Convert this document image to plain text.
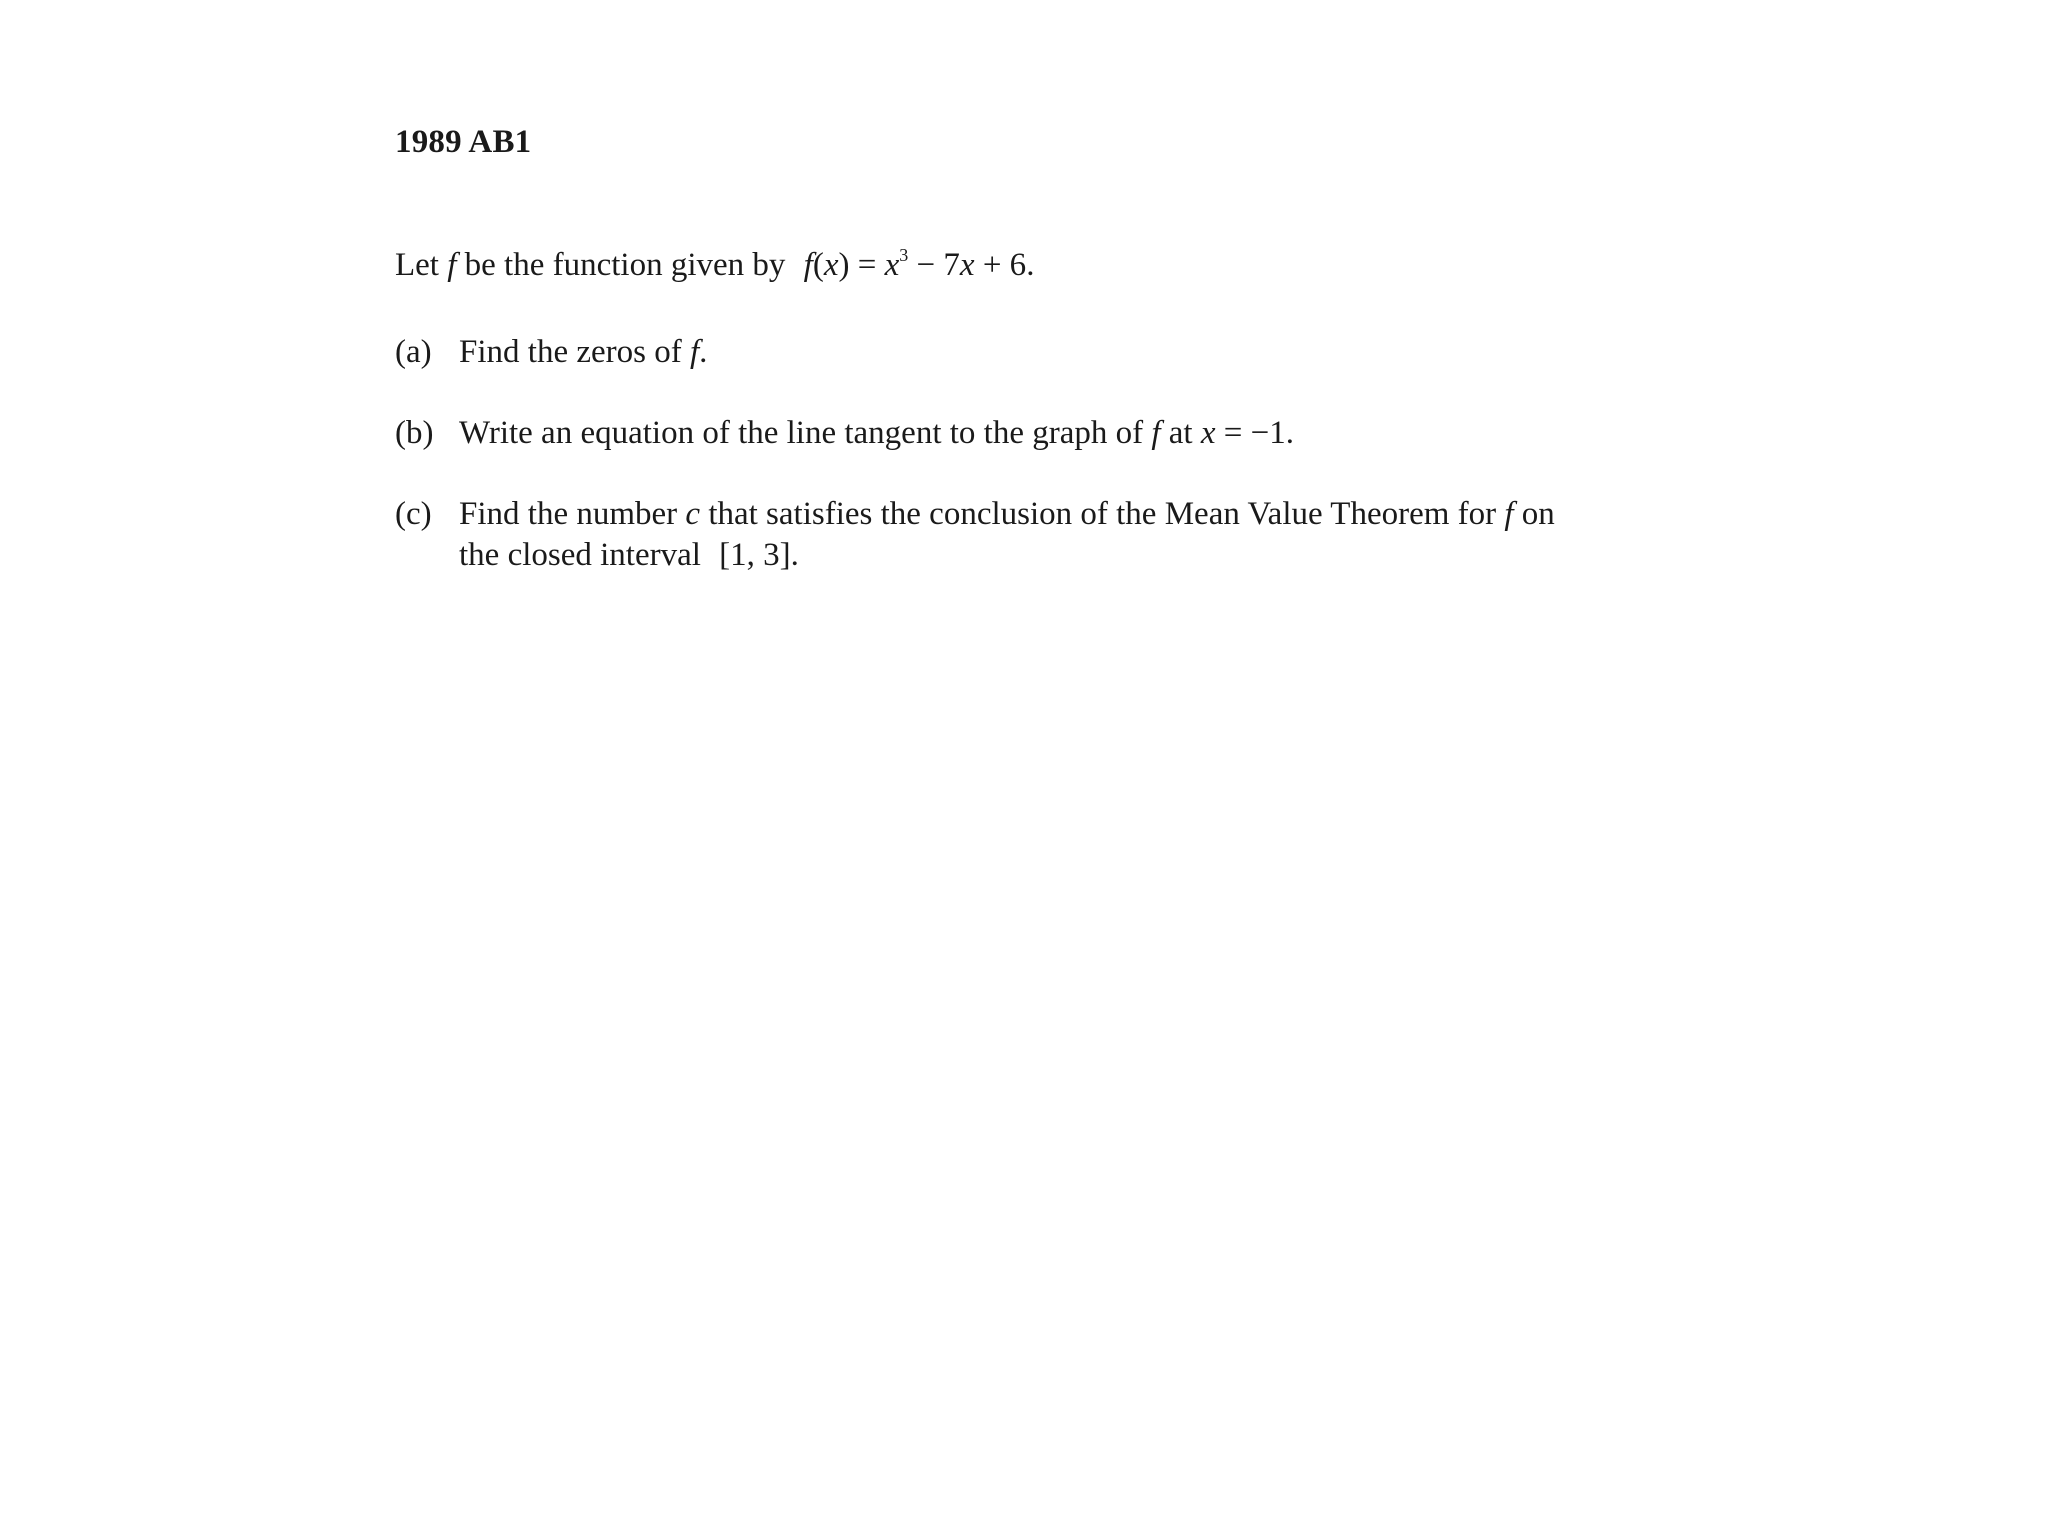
1989 AB1
Let f be the function given by $f(x) = x^3 - 7x + 6$.
(a) Find the zeros of f.
(b) Write an equation of the line tangent to the graph of f at x = −1.
(c) Find the number c that satisfies the conclusion of the Mean Value Theorem for f on
the closed interval [1, 3].
